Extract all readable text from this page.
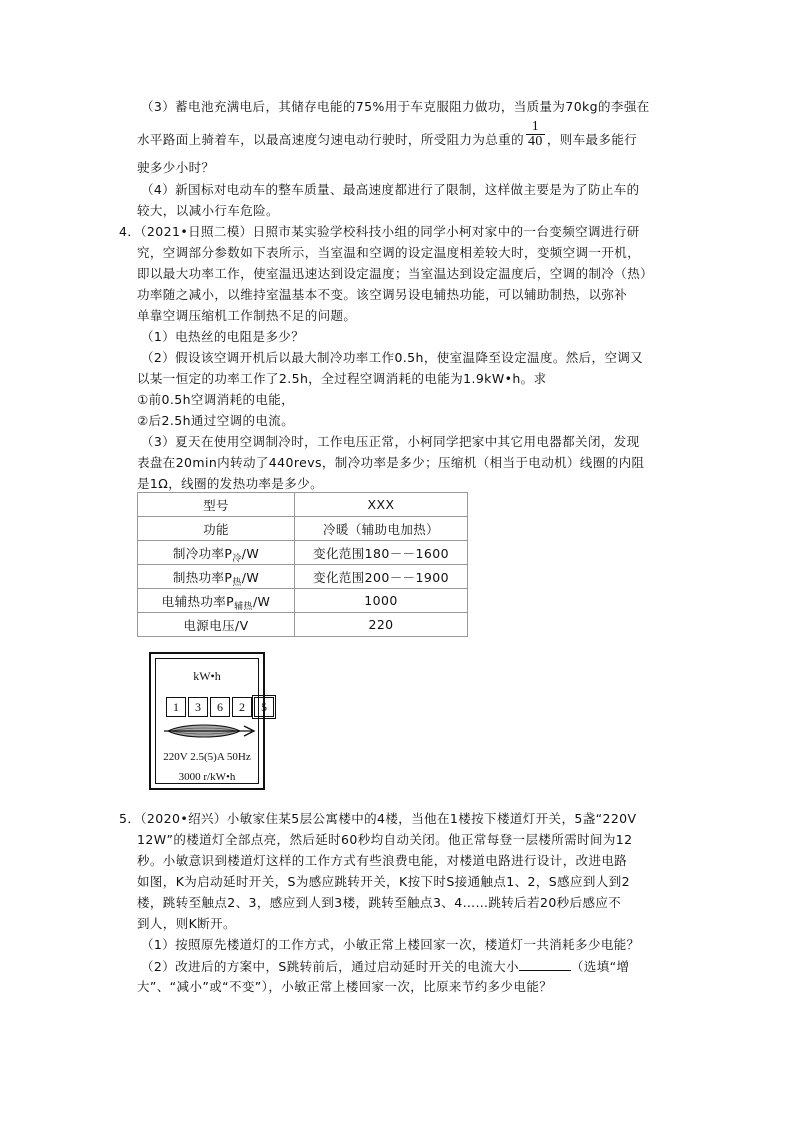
（3）蓄电池充满电后，其储存电能的75%用于车克服阻力做功，当质量为70kg的李强在
水平路面上骑着车，以最高速度匀速电动行驶时，所受阻力为总重的 $\frac{1}{40}$ ，则车最多能行
驶多少小时？
（4）新国标对电动车的整车质量、最高速度都进行了限制，这样做主要是为了防止车的
较大，以减小行车危险。
4．（2021•日照二模）日照市某实验学校科技小组的同学小柯对家中的一台变频空调进行研
究，空调部分参数如下表所示，当室温和空调的设定温度相差较大时，变频空调一开机，
即以最大功率工作，使室温迅速达到设定温度；当室温达到设定温度后，空调的制冷（热）
功率随之减小，以维持室温基本不变。该空调另设电辅热功能，可以辅助制热，以弥补
单靠空调压缩机工作制热不足的问题。
（1）电热丝的电阻是多少？
（2）假设该空调开机后以最大制冷功率工作0.5h，使室温降至设定温度。然后，空调又
以某一恒定的功率工作了2.5h，全过程空调消耗的电能为1.9kW•h。求
①前0.5h空调消耗的电能，
②后2.5h通过空调的电流。
（3）夏天在使用空调制冷时，工作电压正常，小柯同学把家中其它用电器都关闭，发现
表盘在20min内转动了440revs，制冷功率是多少；压缩机（相当于电动机）线圈的内阻
是1Ω，线圈的发热功率是多少。
型号	XXX
功能	冷暖（辅助电加热）
制冷功率$P_冷/W$	变化范围180－－1600
制热功率$P_热/W$	变化范围200－－1900
电辅热功率$P_{辅热}/W$	1000
电源电压/V	220
kW•h
1	3	6	2	5
220V 2.5(5)A 50Hz
3000 r/kW•h
5．（2020•绍兴）小敏家住某5层公寓楼中的4楼，当他在1楼按下楼道灯开关，5盏“220V
12W”的楼道灯全部点亮，然后延时60秒均自动关闭。他正常每登一层楼所需时间为12
秒。小敏意识到楼道灯这样的工作方式有些浪费电能，对楼道电路进行设计，改进电路
如图，K为启动延时开关，S为感应跳转开关，K按下时S接通触点1、2，S感应到人到2
楼，跳转至触点2、3，感应到人到3楼，跳转至触点3、4……跳转后若20秒后感应不
到人，则K断开。
（1）按照原先楼道灯的工作方式，小敏正常上楼回家一次，楼道灯一共消耗多少电能？
（2）改进后的方案中，S跳转前后，通过启动延时开关的电流大小	（选填“增
大”、“减小”或“不变”），小敏正常上楼回家一次，比原来节约多少电能？
